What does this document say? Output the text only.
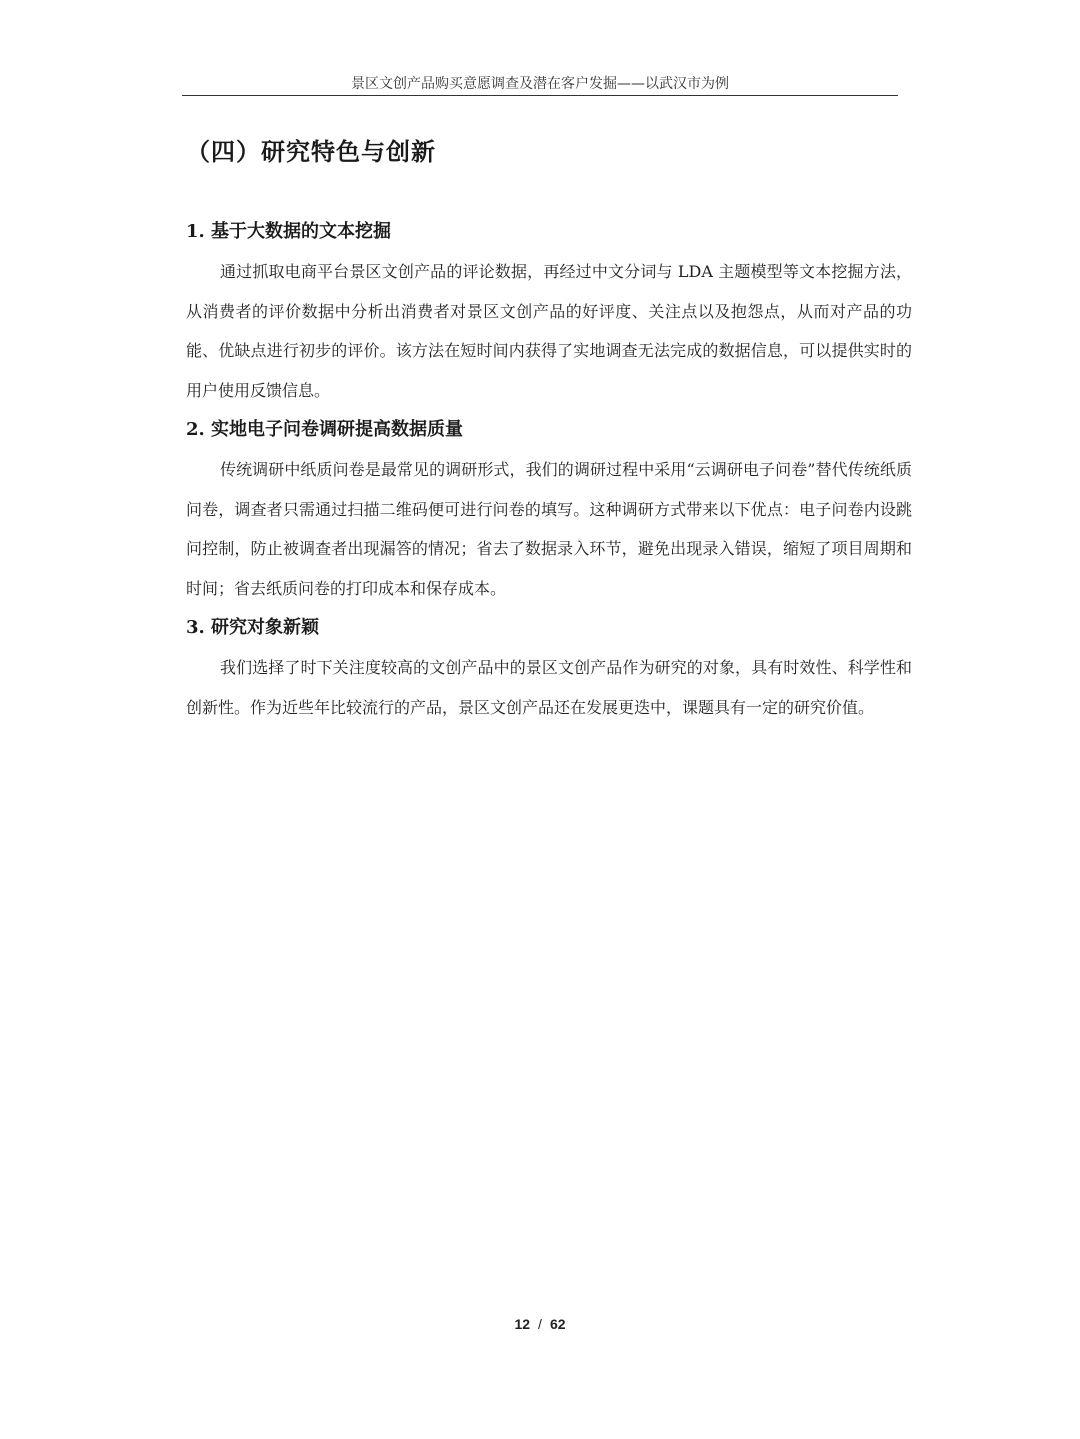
景区文创产品购买意愿调查及潜在客户发掘——以武汉市为例
（四）研究特色与创新
1. 基于大数据的文本挖掘

通过抓取电商平台景区文创产品的评论数据，再经过中文分词与 LDA 主题模型等文本挖掘方法，从消费者的评价数据中分析出消费者对景区文创产品的好评度、关注点以及抱怨点，从而对产品的功能、优缺点进行初步的评价。该方法在短时间内获得了实地调查无法完成的数据信息，可以提供实时的用户使用反馈信息。

2. 实地电子问卷调研提高数据质量

传统调研中纸质问卷是最常见的调研形式，我们的调研过程中采用“云调研电子问卷”替代传统纸质问卷，调查者只需通过扫描二维码便可进行问卷的填写。这种调研方式带来以下优点：电子问卷内设跳问控制，防止被调查者出现漏答的情况；省去了数据录入环节，避免出现录入错误，缩短了项目周期和时间；省去纸质问卷的打印成本和保存成本。

3. 研究对象新颖

我们选择了时下关注度较高的文创产品中的景区文创产品作为研究的对象，具有时效性、科学性和创新性。作为近些年比较流行的产品，景区文创产品还在发展更迭中，课题具有一定的研究价值。

12 / 62
